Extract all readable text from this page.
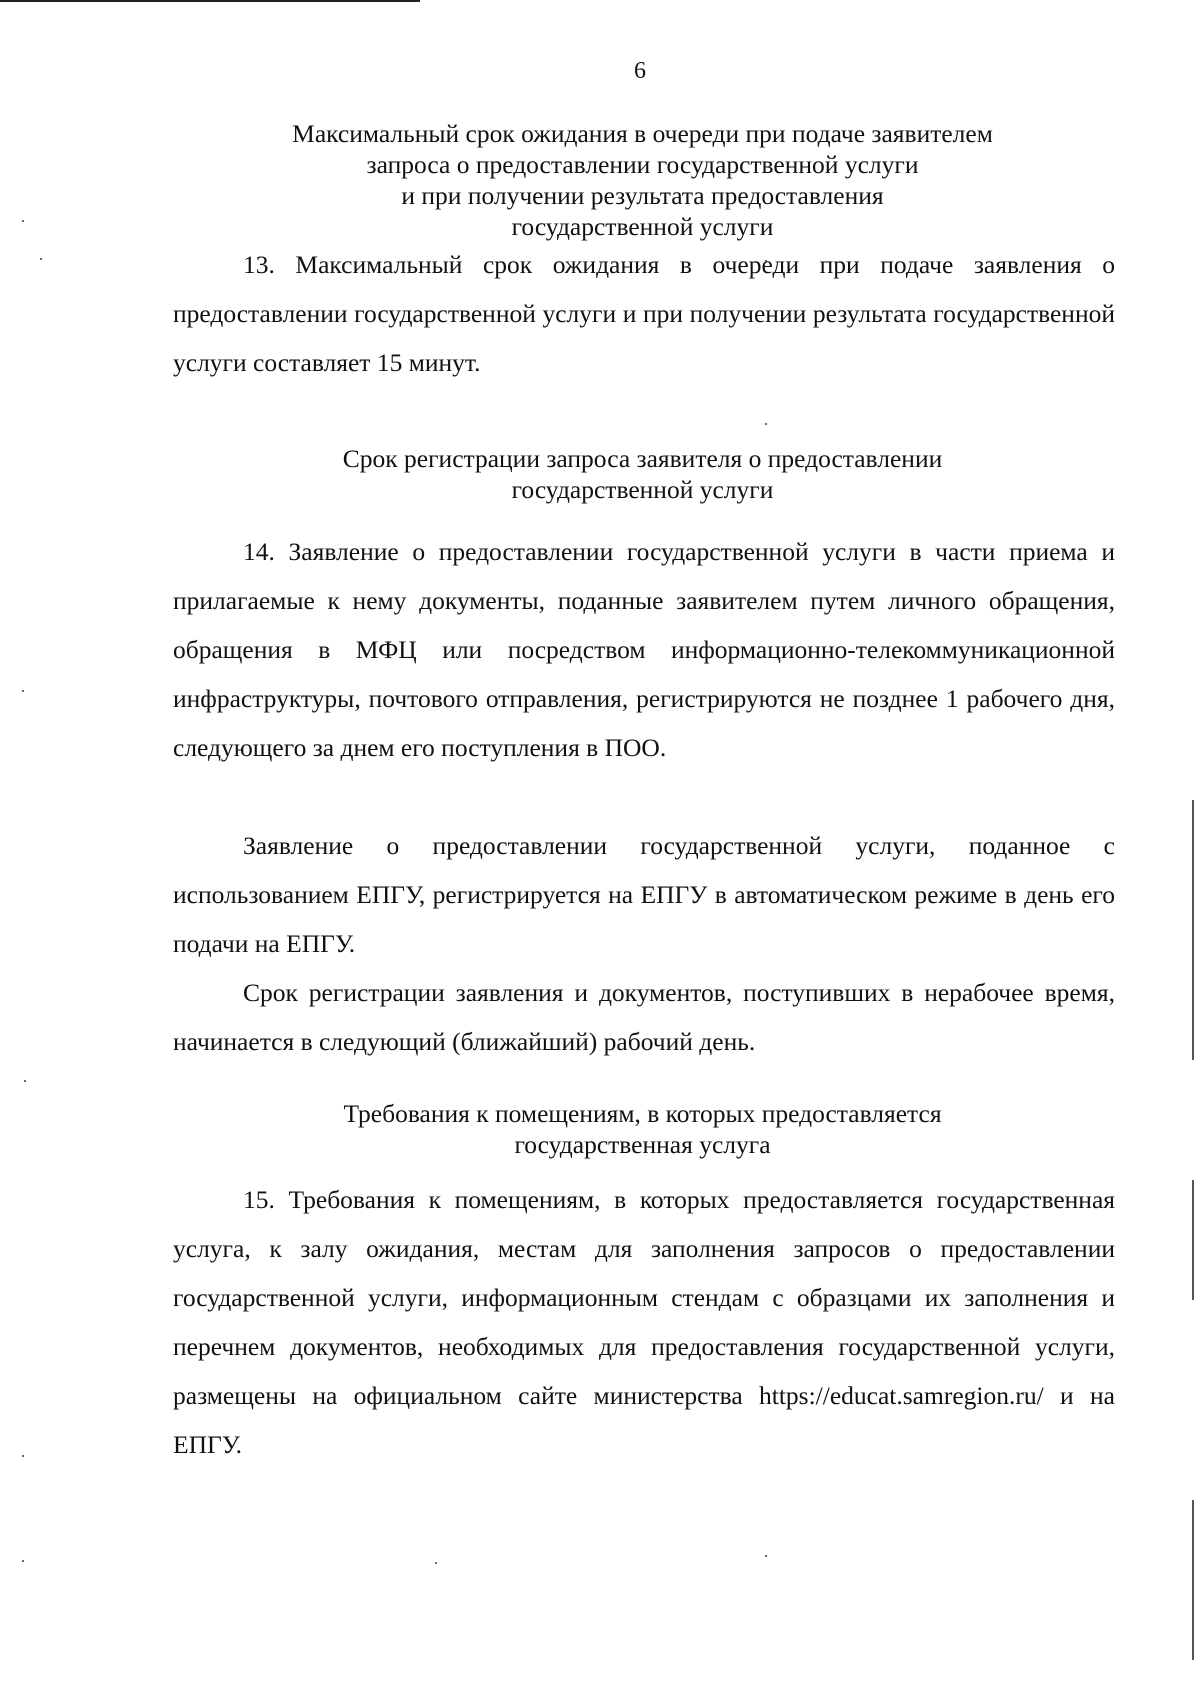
6
Максимальный срок ожидания в очереди при подаче заявителем
запроса о предоставлении государственной услуги
и при получении результата предоставления
государственной услуги

13. Максимальный срок ожидания в очереди при подаче заявления о предоставлении государственной услуги и при получении результата государственной услуги составляет 15 минут.

Срок регистрации запроса заявителя о предоставлении
государственной услуги

14. Заявление о предоставлении государственной услуги в части приема и прилагаемые к нему документы, поданные заявителем путем личного обращения, обращения в МФЦ или посредством информационно-телекоммуникационной инфраструктуры, почтового отправления, регистрируются не позднее 1 рабочего дня, следующего за днем его поступления в ПОО.

Заявление о предоставлении государственной услуги, поданное с использованием ЕПГУ, регистрируется на ЕПГУ в автоматическом режиме в день его подачи на ЕПГУ.

Срок регистрации заявления и документов, поступивших в нерабочее время, начинается в следующий (ближайший) рабочий день.

Требования к помещениям, в которых предоставляется
государственная услуга

15. Требования к помещениям, в которых предоставляется государственная услуга, к залу ожидания, местам для заполнения запросов о предоставлении государственной услуги, информационным стендам с образцами их заполнения и перечнем документов, необходимых для предоставления государственной услуги, размещены на официальном сайте министерства https://educat.samregion.ru/ и на ЕПГУ.
